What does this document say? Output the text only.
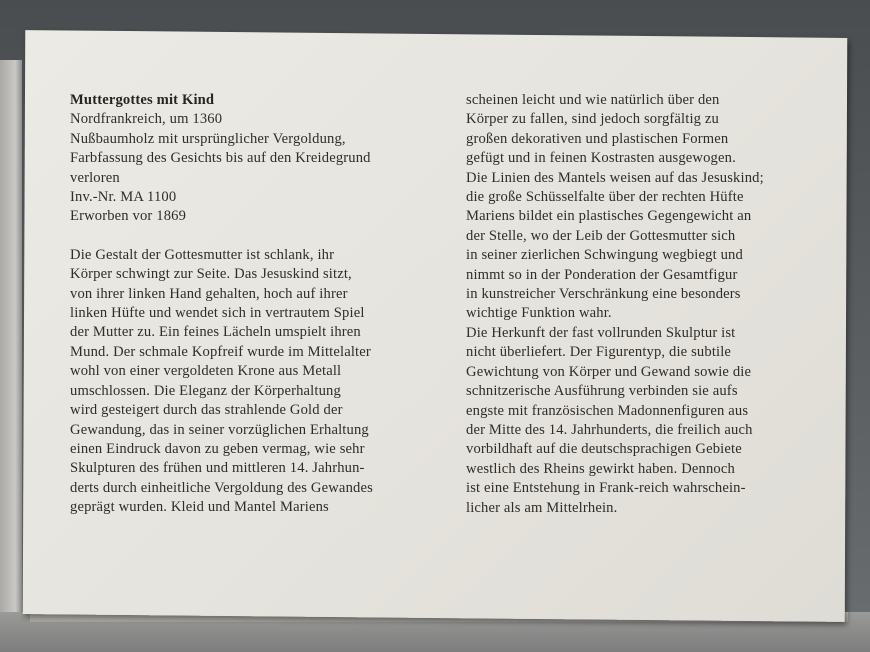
Muttergottes mit Kind
Nordfrankreich, um 1360
Nußbaumholz mit ursprünglicher Vergoldung,
Farbfassung des Gesichts bis auf den Kreidegrund
verloren
Inv.-Nr. MA 1100
Erworben vor 1869
Die Gestalt der Gottesmutter ist schlank, ihr
Körper schwingt zur Seite. Das Jesuskind sitzt,
von ihrer linken Hand gehalten, hoch auf ihrer
linken Hüfte und wendet sich in vertrautem Spiel
der Mutter zu. Ein feines Lächeln umspielt ihren
Mund. Der schmale Kopfreif wurde im Mittelalter
wohl von einer vergoldeten Krone aus Metall
umschlossen. Die Eleganz der Körperhaltung
wird gesteigert durch das strahlende Gold der
Gewandung, das in seiner vorzüglichen Erhaltung
einen Eindruck davon zu geben vermag, wie sehr
Skulpturen des frühen und mittleren 14. Jahrhun-
derts durch einheitliche Vergoldung des Gewandes
geprägt wurden. Kleid und Mantel Mariens
scheinen leicht und wie natürlich über den
Körper zu fallen, sind jedoch sorgfältig zu
großen dekorativen und plastischen Formen
gefügt und in feinen Kostrasten ausgewogen.
Die Linien des Mantels weisen auf das Jesuskind;
die große Schüsselfalte über der rechten Hüfte
Mariens bildet ein plastisches Gegengewicht an
der Stelle, wo der Leib der Gottesmutter sich
in seiner zierlichen Schwingung wegbiegt und
nimmt so in der Ponderation der Gesamtfigur
in kunstreicher Verschränkung eine besonders
wichtige Funktion wahr.
Die Herkunft der fast vollrunden Skulptur ist
nicht überliefert. Der Figurentyp, die subtile
Gewichtung von Körper und Gewand sowie die
schnitzerische Ausführung verbinden sie aufs
engste mit französischen Madonnenfiguren aus
der Mitte des 14. Jahrhunderts, die freilich auch
vorbildhaft auf die deutschsprachigen Gebiete
westlich des Rheins gewirkt haben. Dennoch
ist eine Entstehung in Frank-reich wahrschein-
licher als am Mittelrhein.
